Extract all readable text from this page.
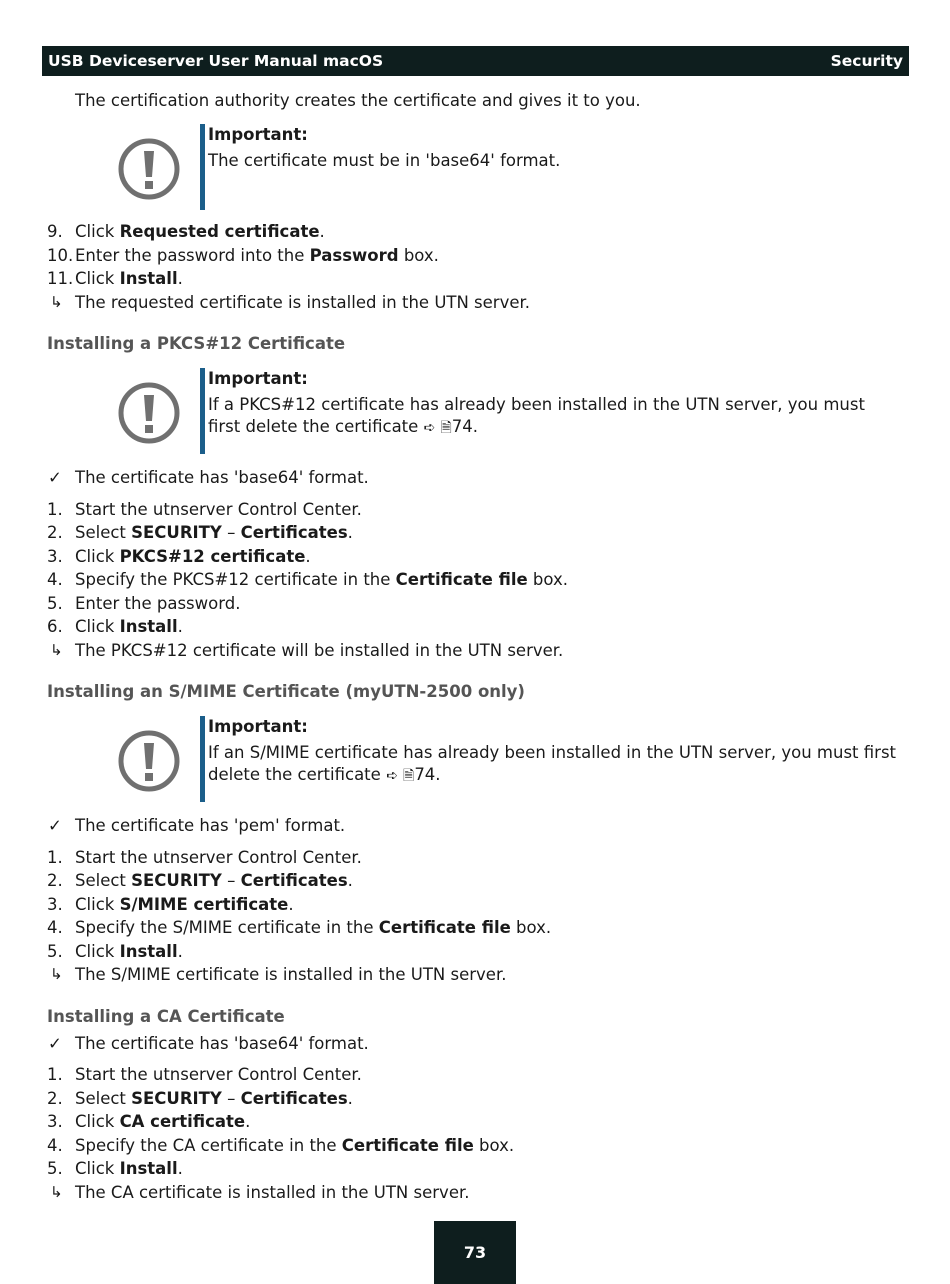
USB Deviceserver User Manual macOS	Security

The certification authority creates the certificate and gives it to you.

Important:
The certificate must be in 'base64' format.
9. Click Requested certificate.
10. Enter the password into the Password box.
11. Click Install.
↳ The requested certificate is installed in the UTN server.
Installing a PKCS#12 Certificate
Important:
If a PKCS#12 certificate has already been installed in the UTN server, you must first delete the certificate ➪ 🗎74.
✓ The certificate has 'base64' format.
1. Start the utnserver Control Center.
2. Select SECURITY – Certificates.
3. Click PKCS#12 certificate.
4. Specify the PKCS#12 certificate in the Certificate file box.
5. Enter the password.
6. Click Install.
↳ The PKCS#12 certificate will be installed in the UTN server.
Installing an S/MIME Certificate (myUTN-2500 only)
Important:
If an S/MIME certificate has already been installed in the UTN server, you must first delete the certificate ➪ 🗎74.
✓ The certificate has 'pem' format.
1. Start the utnserver Control Center.
2. Select SECURITY – Certificates.
3. Click S/MIME certificate.
4. Specify the S/MIME certificate in the Certificate file box.
5. Click Install.
↳ The S/MIME certificate is installed in the UTN server.
Installing a CA Certificate
✓ The certificate has 'base64' format.
1. Start the utnserver Control Center.
2. Select SECURITY – Certificates.
3. Click CA certificate.
4. Specify the CA certificate in the Certificate file box.
5. Click Install.
↳ The CA certificate is installed in the UTN server.
73
